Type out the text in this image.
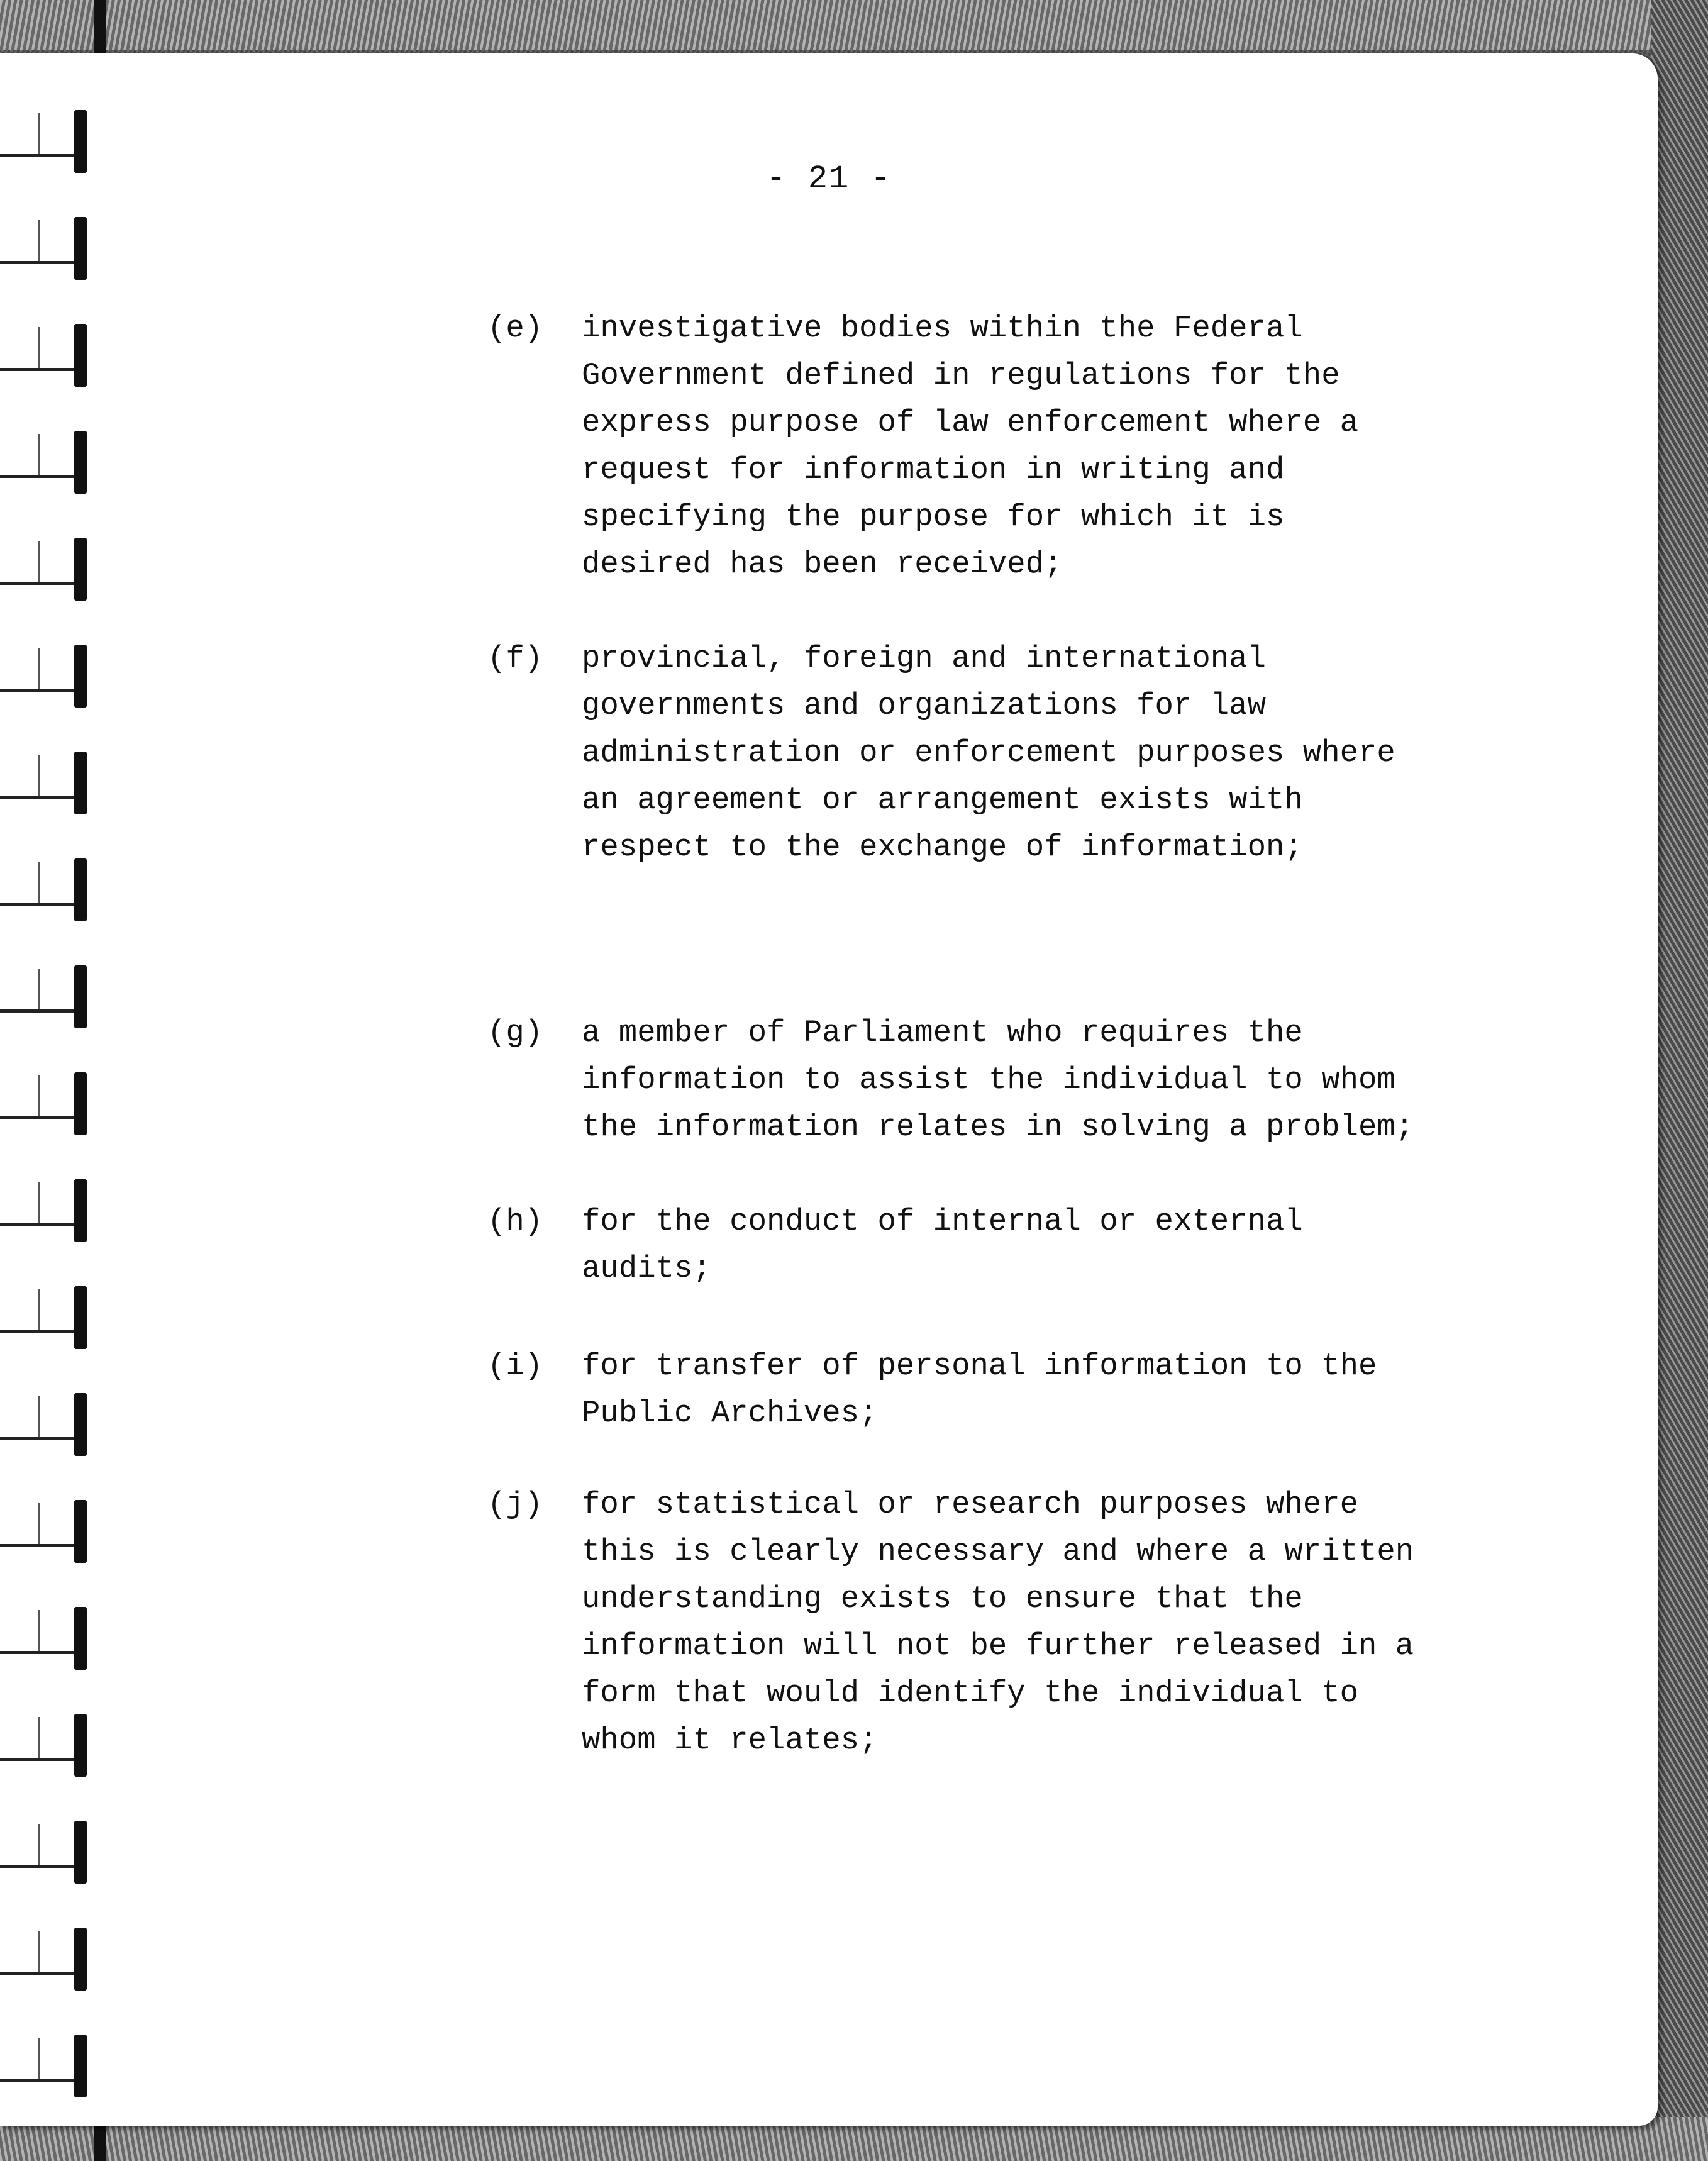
- 21 -
(e)	investigative bodies within the Federal
Government defined in regulations for the
express purpose of law enforcement where a
request for information in writing and
specifying the purpose for which it is
desired has been received;
(f)	provincial, foreign and international
governments and organizations for law
administration or enforcement purposes where
an agreement or arrangement exists with
respect to the exchange of information;
(g)	a member of Parliament who requires the
information to assist the individual to whom
the information relates in solving a problem;
(h)	for the conduct of internal or external
audits;
(i)	for transfer of personal information to the
Public Archives;
(j)	for statistical or research purposes where
this is clearly necessary and where a written
understanding exists to ensure that the
information will not be further released in a
form that would identify the individual to
whom it relates;
